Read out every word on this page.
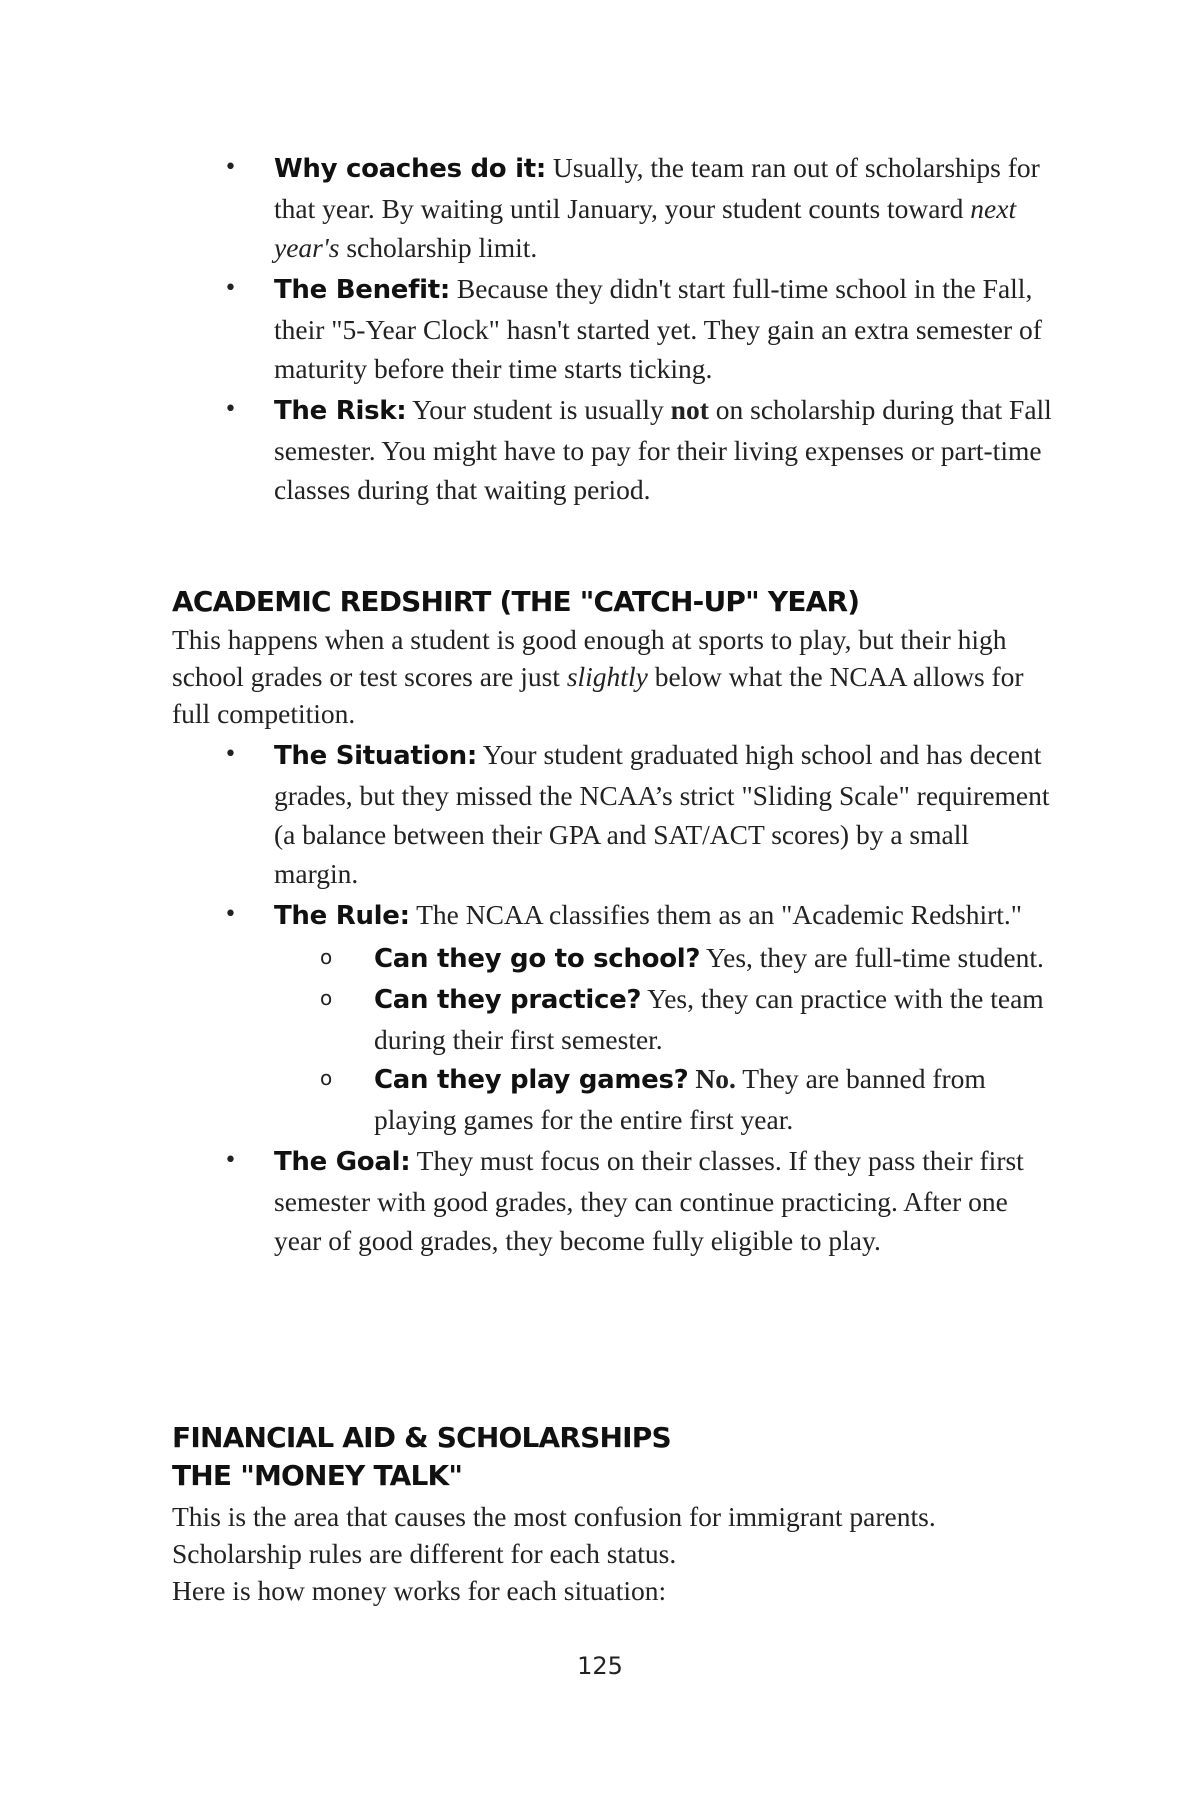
• Why coaches do it: Usually, the team ran out of scholarships for that year. By waiting until January, your student counts toward next year's scholarship limit.
• The Benefit: Because they didn't start full-time school in the Fall, their "5-Year Clock" hasn't started yet. They gain an extra semester of maturity before their time starts ticking.
• The Risk: Your student is usually not on scholarship during that Fall semester. You might have to pay for their living expenses or part-time classes during that waiting period.
ACADEMIC REDSHIRT (THE "CATCH-UP" YEAR)
This happens when a student is good enough at sports to play, but their high school grades or test scores are just slightly below what the NCAA allows for full competition.
• The Situation: Your student graduated high school and has decent grades, but they missed the NCAA’s strict "Sliding Scale" requirement (a balance between their GPA and SAT/ACT scores) by a small margin.
• The Rule: The NCAA classifies them as an "Academic Redshirt."
o Can they go to school? Yes, they are full-time student.
o Can they practice? Yes, they can practice with the team during their first semester.
o Can they play games? No. They are banned from playing games for the entire first year.
• The Goal: They must focus on their classes. If they pass their first semester with good grades, they can continue practicing. After one year of good grades, they become fully eligible to play.
FINANCIAL AID & SCHOLARSHIPS
THE "MONEY TALK"
This is the area that causes the most confusion for immigrant parents.
Scholarship rules are different for each status.
Here is how money works for each situation:
125
